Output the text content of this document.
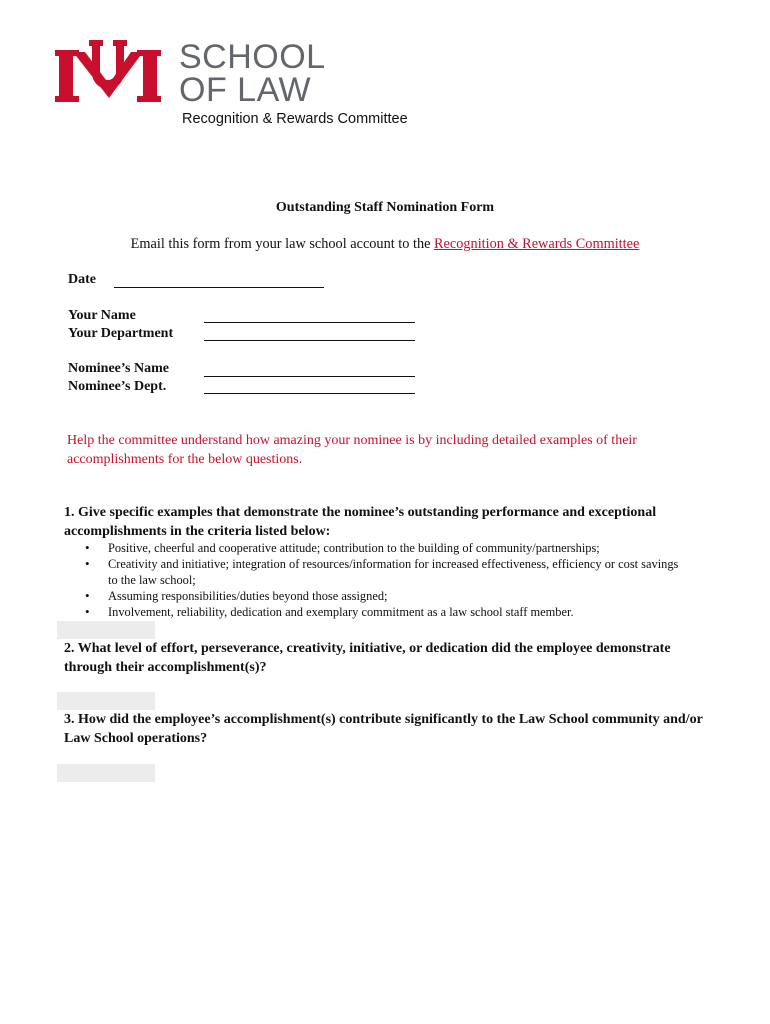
®
SCHOOL
OF LAW
Recognition & Rewards Committee
Outstanding Staff Nomination Form
Email this form from your law school account to the Recognition & Rewards Committee
Date
Your Name
Your Department
Nominee’s Name
Nominee’s Dept.
Help the committee understand how amazing your nominee is by including detailed examples of their accomplishments for the below questions.
1. Give specific examples that demonstrate the nominee’s outstanding performance and exceptional accomplishments in the criteria listed below:
• Positive, cheerful and cooperative attitude; contribution to the building of community/partnerships;
• Creativity and initiative; integration of resources/information for increased effectiveness, efficiency or cost savings to the law school;
• Assuming responsibilities/duties beyond those assigned;
• Involvement, reliability, dedication and exemplary commitment as a law school staff member.
2. What level of effort, perseverance, creativity, initiative, or dedication did the employee demonstrate through their accomplishment(s)?
3. How did the employee’s accomplishment(s) contribute significantly to the Law School community and/or Law School operations?
